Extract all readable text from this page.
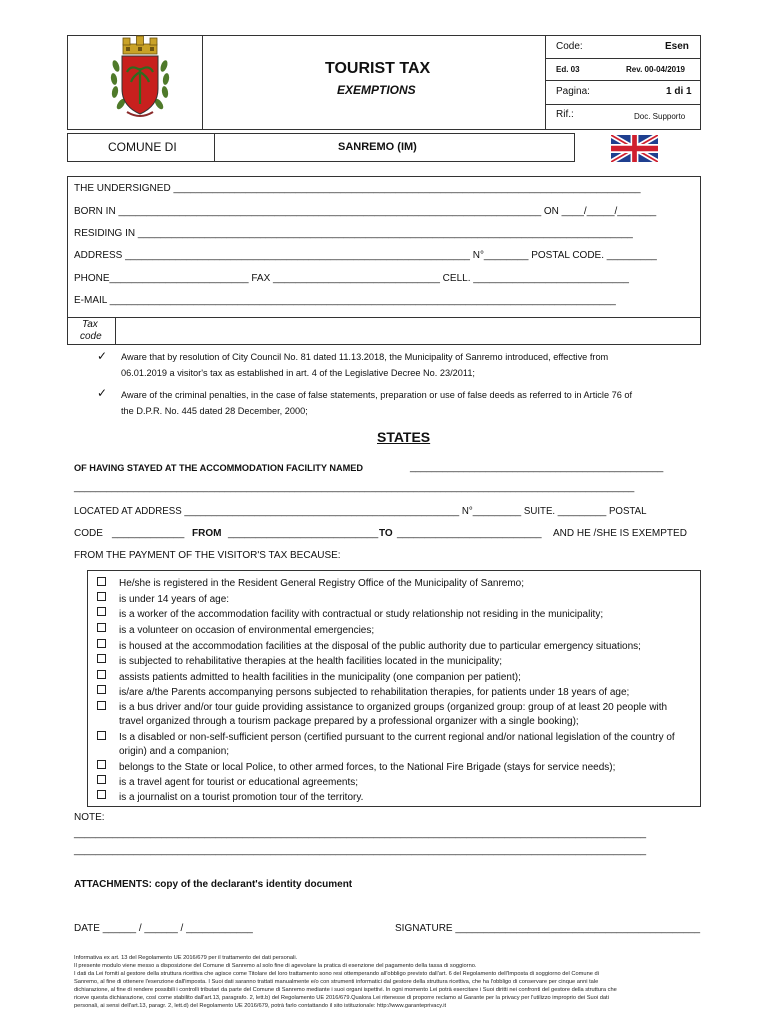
TOURIST TAX
EXEMPTIONS
Code:	Esen
Ed. 03	Rev. 00-04/2019
Pagina:	1 di 1
Rif.:	Doc. Supporto
COMUNE DI	SANREMO (IM)
THE UNDERSIGNED ____________________________________________________________________________________
BORN IN ____________________________________________________________________________ ON ____/_____/_______
RESIDING IN _________________________________________________________________________________________
ADDRESS ______________________________________________________________ N°________ POSTAL CODE. _________
PHONE_________________________ FAX ______________________________ CELL. ____________________________
E-MAIL ___________________________________________________________________________________________
Tax
code
✓ Aware that by resolution of City Council No. 81 dated 11.13.2018, the Municipality of Sanremo introduced, effective from
06.01.2019 a visitor's tax as established in art. 4 of the Legislative Decree No. 23/2011;
✓ Aware of the criminal penalties, in the case of false statements, preparation or use of false deeds as referred to in Article 76 of
the D.P.R. No. 445 dated 28 December, 2000;
STATES
OF HAVING STAYED AT THE ACCOMMODATION FACILITY NAMED	_______________________________________________
________________________________________________________________________________________________________
LOCATED AT ADDRESS ___________________________________________________ N°_________ SUITE. _________ POSTAL
CODE _____________ FROM ___________________________ TO __________________________ AND HE /SHE IS EXEMPTED
FROM THE PAYMENT OF THE VISITOR'S TAX BECAUSE:
He/she is registered in the Resident General Registry Office of the Municipality of Sanremo;
is under 14 years of age:
is a worker of the accommodation facility with contractual or study relationship not residing in the municipality;
is a volunteer on occasion of environmental emergencies;
is housed at the accommodation facilities at the disposal of the public authority due to particular emergency situations;
is subjected to rehabilitative therapies at the health facilities located in the municipality;
assists patients admitted to health facilities in the municipality (one companion per patient);
is/are a/the Parents accompanying persons subjected to rehabilitation therapies, for patients under 18 years of age;
is a bus driver and/or tour guide providing assistance to organized groups (organized group: group of at least 20 people with
travel organized through a tourism package prepared by a professional organizer with a single booking);
Is a disabled or non-self-sufficient person (certified pursuant to the current regional and/or national legislation of the country of
origin) and a companion;
belongs to the State or local Police, to other armed forces, to the National Fire Brigade (stays for service needs);
is a travel agent for tourist or educational agreements;
is a journalist on a tourist promotion tour of the territory.
NOTE:
_________________________________________________________________________________________________________
_________________________________________________________________________________________________________
ATTACHMENTS: copy of the declarant's identity document
DATE ______ / ______ / ____________	SIGNATURE ____________________________________________
Informativa ex art. 13 del Regolamento UE 2016/679 per il trattamento dei dati personali.
Il presente modulo viene messo a disposizione del Comune di Sanremo al solo fine di agevolare la pratica di esenzione del pagamento della tassa di soggiorno.
I dati da Lei forniti al gestore della struttura ricettiva che agisce come Titolare del loro trattamento sono resi ottemperando all'obbligo previsto dall'art. 6 del Regolamento dell'Imposta di soggiorno del Comune di
Sanremo, al fine di ottenere l'esenzione dall'imposta. I Suoi dati saranno trattati manualmente e/o con strumenti informatici dal gestore della struttura ricettiva, che ha l'obbligo di conservare per cinque anni tale
dichiarazione, al fine di rendere possibili i controlli tributari da parte del Comune di Sanremo mediante i suoi organi ispettivi. In ogni momento Lei potrà esercitare i Suoi diritti nei confronti del gestore della struttura che
riceve questa dichiarazione, così come stabilito dall'art.13, paragrafo. 2, lett.b) del Regolamento UE 2016/679.Qualora Lei ritenesse di proporre reclamo al Garante per la privacy per l'utilizzo improprio dei Suoi dati
personali, ai sensi dell'art.13, paragr. 2, lett.d) del Regolamento UE 2016/679, potrà farlo contattando il sito istituzionale: http://www.garanteprivacy.it
